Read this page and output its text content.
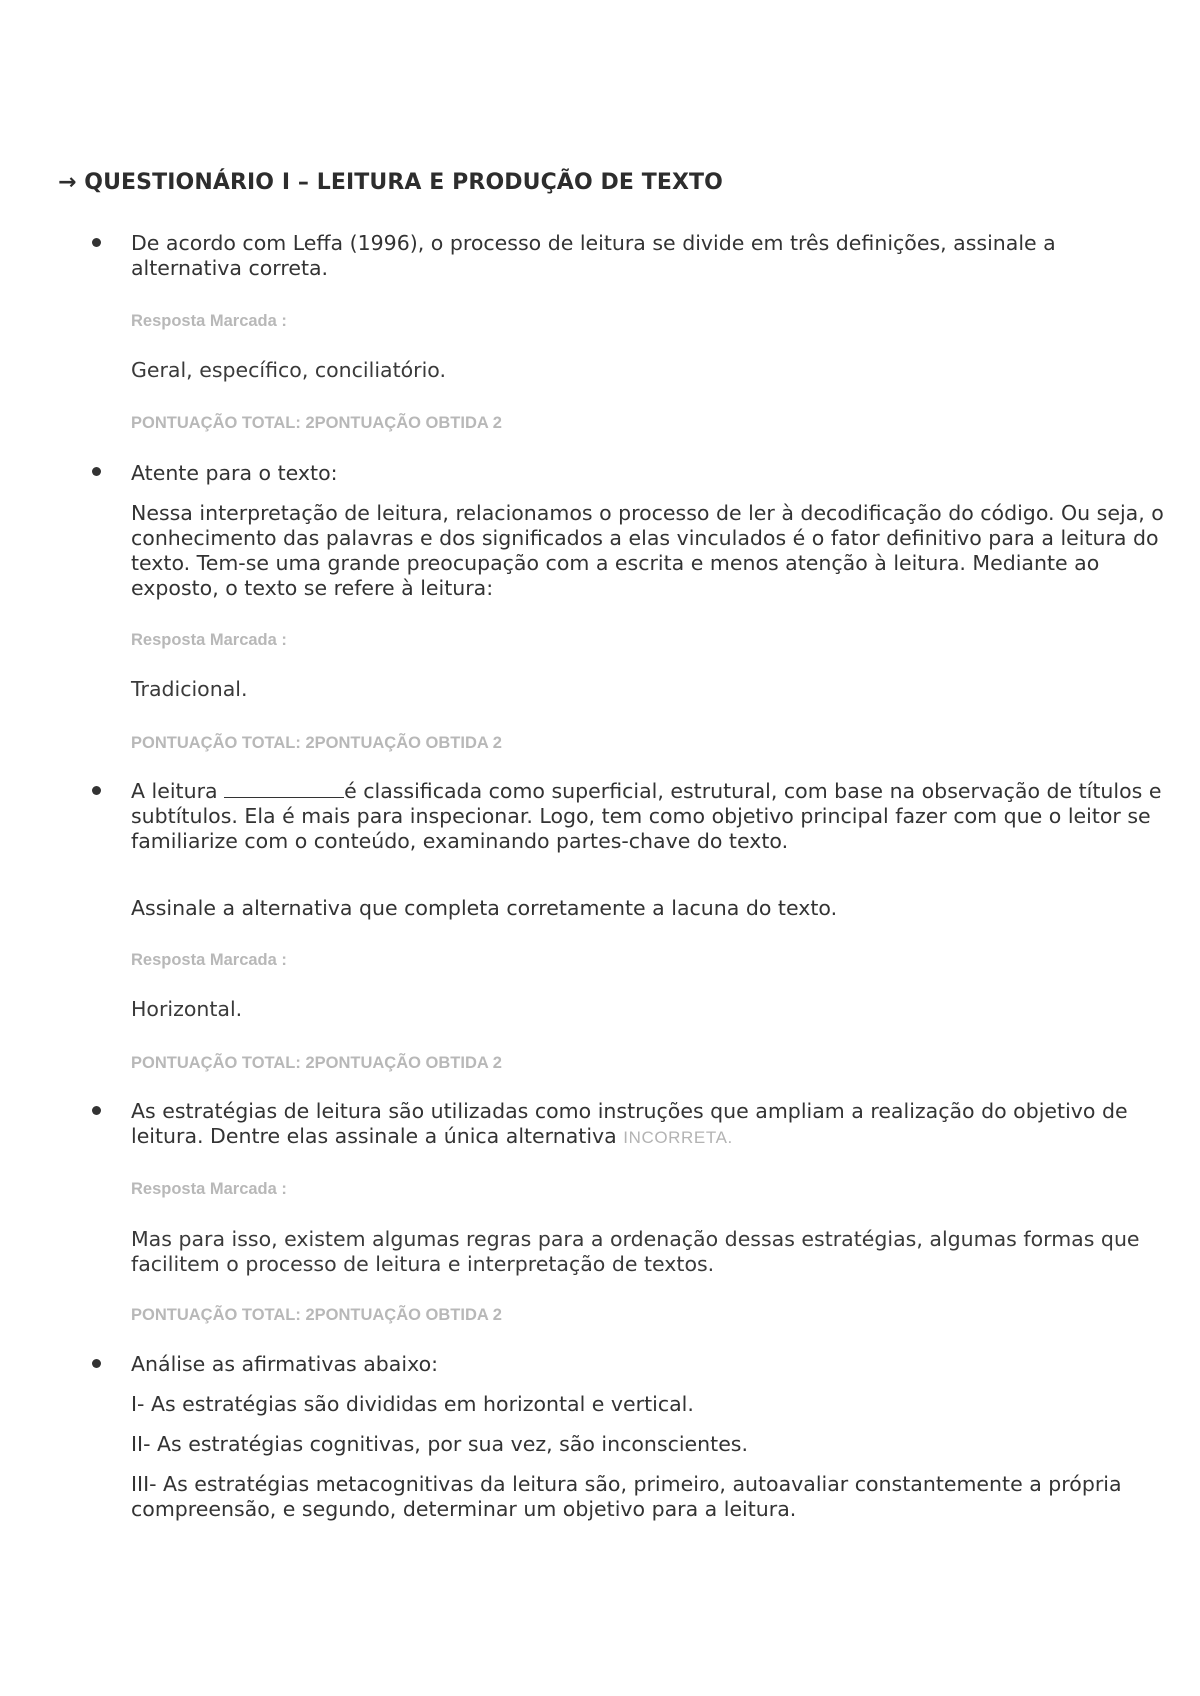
→ QUESTIONÁRIO I – LEITURA E PRODUÇÃO DE TEXTO
De acordo com Leffa (1996), o processo de leitura se divide em três definições, assinale a alternativa correta.
Resposta Marcada :
Geral, específico, conciliatório.
PONTUAÇÃO TOTAL: 2PONTUAÇÃO OBTIDA 2
Atente para o texto:
Nessa interpretação de leitura, relacionamos o processo de ler à decodificação do código. Ou seja, o conhecimento das palavras e dos significados a elas vinculados é o fator definitivo para a leitura do texto. Tem-se uma grande preocupação com a escrita e menos atenção à leitura. Mediante ao exposto, o texto se refere à leitura:
Resposta Marcada :
Tradicional.
PONTUAÇÃO TOTAL: 2PONTUAÇÃO OBTIDA 2
A leitura	é classificada como superficial, estrutural, com base na observação de títulos e subtítulos. Ela é mais para inspecionar. Logo, tem como objetivo principal fazer com que o leitor se familiarize com o conteúdo, examinando partes-chave do texto.
Assinale a alternativa que completa corretamente a lacuna do texto.
Resposta Marcada :
Horizontal.
PONTUAÇÃO TOTAL: 2PONTUAÇÃO OBTIDA 2
As estratégias de leitura são utilizadas como instruções que ampliam a realização do objetivo de leitura. Dentre elas assinale a única alternativa INCORRETA.
Resposta Marcada :
Mas para isso, existem algumas regras para a ordenação dessas estratégias, algumas formas que facilitem o processo de leitura e interpretação de textos.
PONTUAÇÃO TOTAL: 2PONTUAÇÃO OBTIDA 2
Análise as afirmativas abaixo:
I- As estratégias são divididas em horizontal e vertical.
II- As estratégias cognitivas, por sua vez, são inconscientes.
III- As estratégias metacognitivas da leitura são, primeiro, autoavaliar constantemente a própria compreensão, e segundo, determinar um objetivo para a leitura.
